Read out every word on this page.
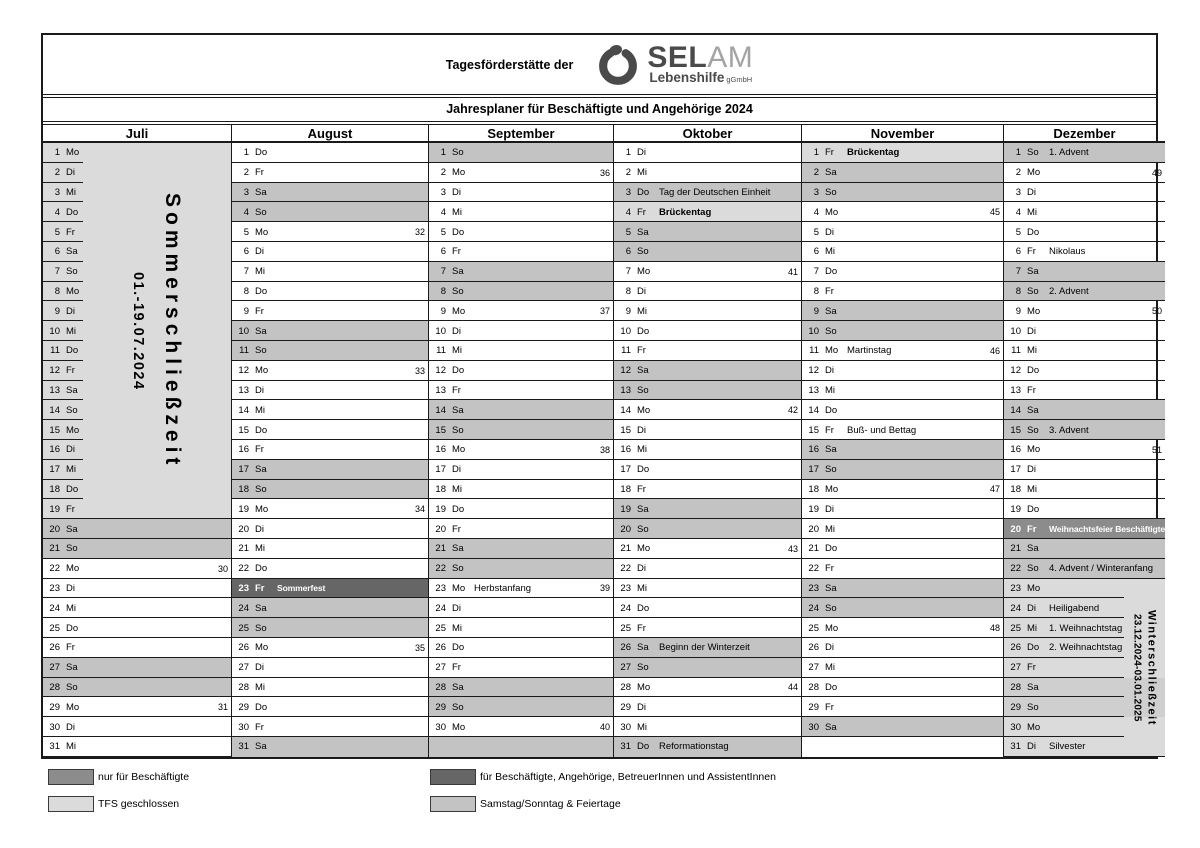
Tagesförderstätte der SELAM
Lebenshilfe gGmbH
Jahresplaner für Beschäftigte und Angehörige 2024
Juli
1 Mo
2 Di
3 Mi
4 Do
5 Fr
6 Sa
7 So
8 Mo
9 Di
10 Mi
11 Do
12 Fr
13 Sa
14 So
15 Mo
16 Di
17 Mi
18 Do
19 Fr
20 Sa
21 So
22 Mo	30
23 Di
24 Mi
25 Do
26 Fr
27 Sa
28 So
29 Mo	31
30 Di
31 Mi
01.-19.07.2024 Sommerschließzeit
August
1 Do
2 Fr
3 Sa
4 So
5 Mo	32
6 Di
7 Mi
8 Do
9 Fr
10 Sa
11 So
12 Mo	33
13 Di
14 Mi
15 Do
16 Fr
17 Sa
18 So
19 Mo	34
20 Di
21 Mi
22 Do
23 Fr	Sommerfest
24 Sa
25 So
26 Mo	35
27 Di
28 Mi
29 Do
30 Fr
31 Sa
September
1 So
2 Mo	36
3 Di
4 Mi
5 Do
6 Fr
7 Sa
8 So
9 Mo	37
10 Di
11 Mi
12 Do
13 Fr
14 Sa
15 So
16 Mo	38
17 Di
18 Mi
19 Do
20 Fr
21 Sa
22 So
23 Mo Herbstanfang	39
24 Di
25 Mi
26 Do
27 Fr
28 Sa
29 So
30 Mo	40
Oktober
1 Di
2 Mi
3 Do	Tag der Deutschen Einheit
4 Fr	Brückentag
5 Sa
6 So
7 Mo	41
8 Di
9 Mi
10 Do
11 Fr
12 Sa
13 So
14 Mo	42
15 Di
16 Mi
17 Do
18 Fr
19 Sa
20 So
21 Mo	43
22 Di
23 Mi
24 Do
25 Fr
26 Sa	Beginn der Winterzeit
27 So
28 Mo	44
29 Di
30 Mi
31 Do	Reformationstag
November
1 Fr	Brückentag
2 Sa
3 So
4 Mo	45
5 Di
6 Mi
7 Do
8 Fr
9 Sa
10 So
11 Mo Martinstag	46
12 Di
13 Mi
14 Do
15 Fr	Buß- und Bettag
16 Sa
17 So
18 Mo	47
19 Di
20 Mi
21 Do
22 Fr
23 Sa
24 So
25 Mo	48
26 Di
27 Mi
28 Do
29 Fr
30 Sa
Dezember
1 So	1. Advent
2 Mo	49
3 Di
4 Mi
5 Do
6 Fr	Nikolaus
7 Sa
8 So	2. Advent
9 Mo	50
10 Di
11 Mi
12 Do
13 Fr
14 Sa
15 So	3. Advent
16 Mo	51
17 Di
18 Mi
19 Do
20 Fr	Weihnachtsfeier Beschäftigte
21 Sa
22 So	4. Advent / Winteranfang
23 Mo
24 Di	Heiligabend
25 Mi	1. Weihnachtstag
26 Do	2. Weihnachtstag
27 Fr
28 Sa
29 So
30 Mo
31 Di	Silvester
23.12.2024-03.01.2025 Winterschließzeit
nur für Beschäftigte	für Beschäftigte, Angehörige, BetreuerInnen und AssistentInnen
TFS geschlossen	Samstag/Sonntag & Feiertage
